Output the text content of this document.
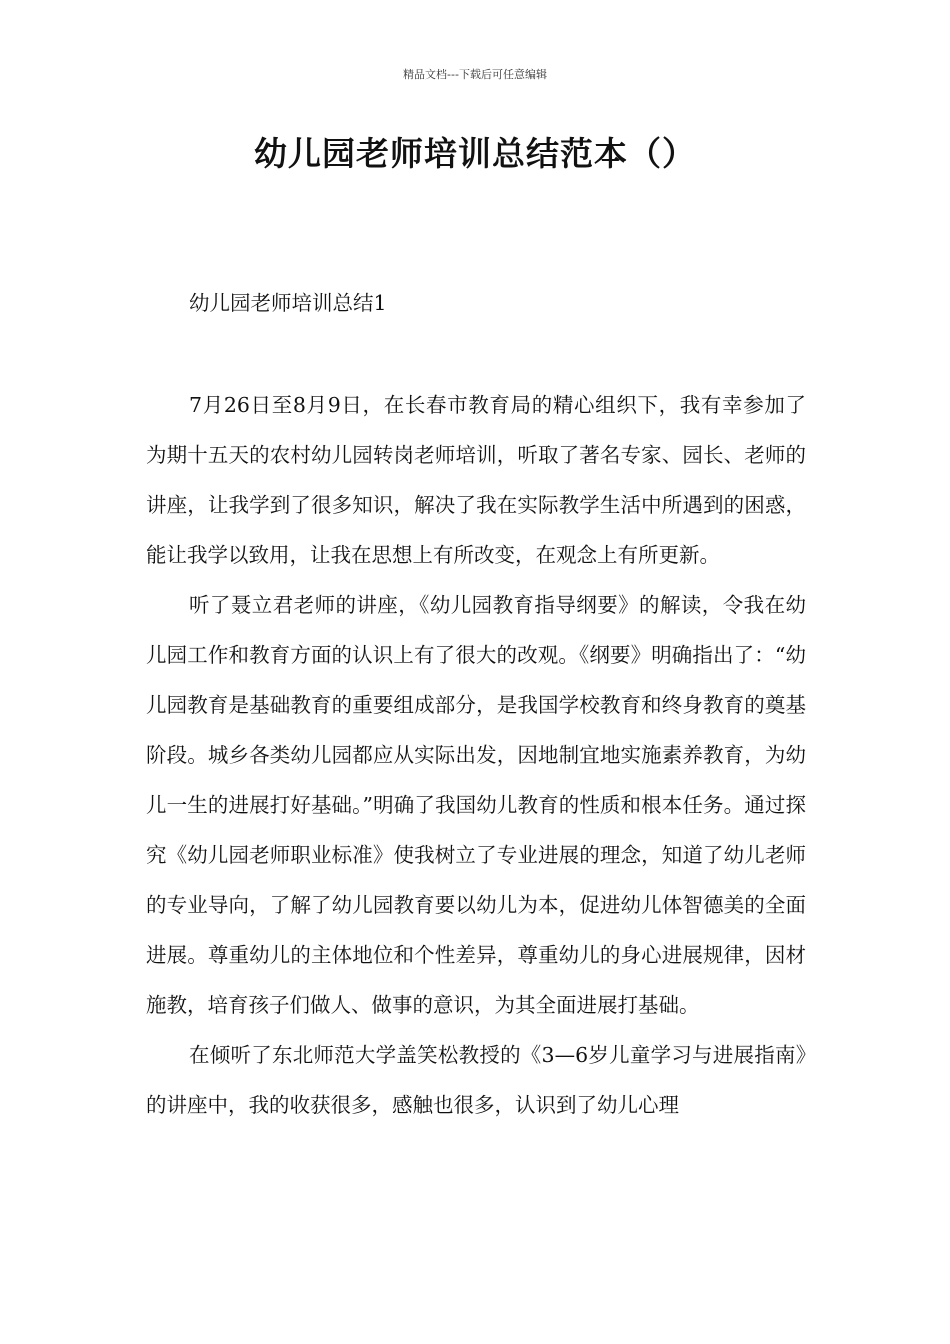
精品文档---下载后可任意编辑
幼儿园老师培训总结范本（）
幼儿园老师培训总结1

7月26日至8月9日，在长春市教育局的精心组织下，我有幸参加了为期十五天的农村幼儿园转岗老师培训，听取了著名专家、园长、老师的讲座，让我学到了很多知识，解决了我在实际教学生活中所遇到的困惑，能让我学以致用，让我在思想上有所改变，在观念上有所更新。

听了聂立君老师的讲座，《幼儿园教育指导纲要》的解读，令我在幼儿园工作和教育方面的认识上有了很大的改观。《纲要》明确指出了：“幼儿园教育是基础教育的重要组成部分，是我国学校教育和终身教育的奠基阶段。城乡各类幼儿园都应从实际出发，因地制宜地实施素养教育，为幼儿一生的进展打好基础。”明确了我国幼儿教育的性质和根本任务。通过探究《幼儿园老师职业标准》使我树立了专业进展的理念，知道了幼儿老师的专业导向，了解了幼儿园教育要以幼儿为本，促进幼儿体智德美的全面进展。尊重幼儿的主体地位和个性差异，尊重幼儿的身心进展规律，因材施教，培育孩子们做人、做事的意识，为其全面进展打基础。

在倾听了东北师范大学盖笑松教授的《3—6岁儿童学习与进展指南》的讲座中，我的收获很多，感触也很多，认识到了幼儿心理
